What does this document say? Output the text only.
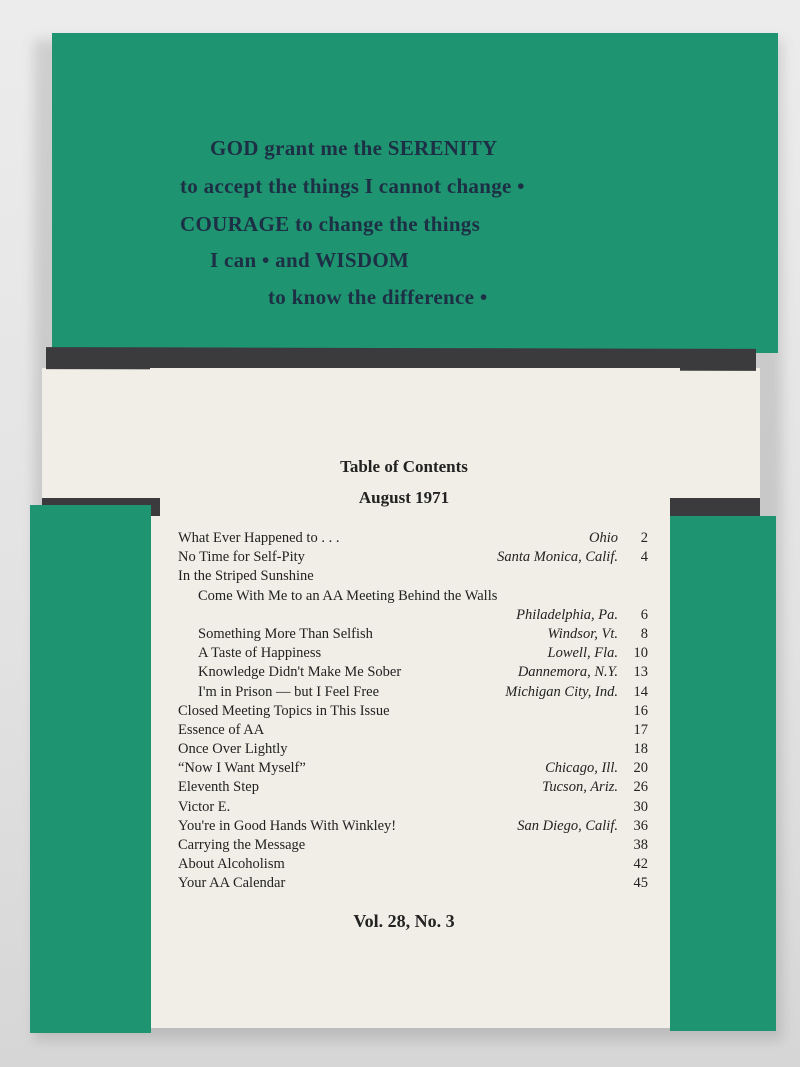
GOD grant me the SERENITY
to accept the things I cannot change •
COURAGE to change the things
I can • and WISDOM
to know the difference •
Table of Contents
August 1971
What Ever Happened to . . .	Ohio	2
No Time for Self-Pity	Santa Monica, Calif.	4
In the Striped Sunshine
Come With Me to an AA Meeting Behind the Walls
Philadelphia, Pa.	6
Something More Than Selfish	Windsor, Vt.	8
A Taste of Happiness	Lowell, Fla.	10
Knowledge Didn't Make Me Sober	Dannemora, N.Y.	13
I'm in Prison — but I Feel Free	Michigan City, Ind.	14
Closed Meeting Topics in This Issue	16
Essence of AA	17
Once Over Lightly	18
“Now I Want Myself”	Chicago, Ill.	20
Eleventh Step	Tucson, Ariz.	26
Victor E.	30
You're in Good Hands With Winkley!	San Diego, Calif.	36
Carrying the Message	38
About Alcoholism	42
Your AA Calendar	45
Vol. 28, No. 3
